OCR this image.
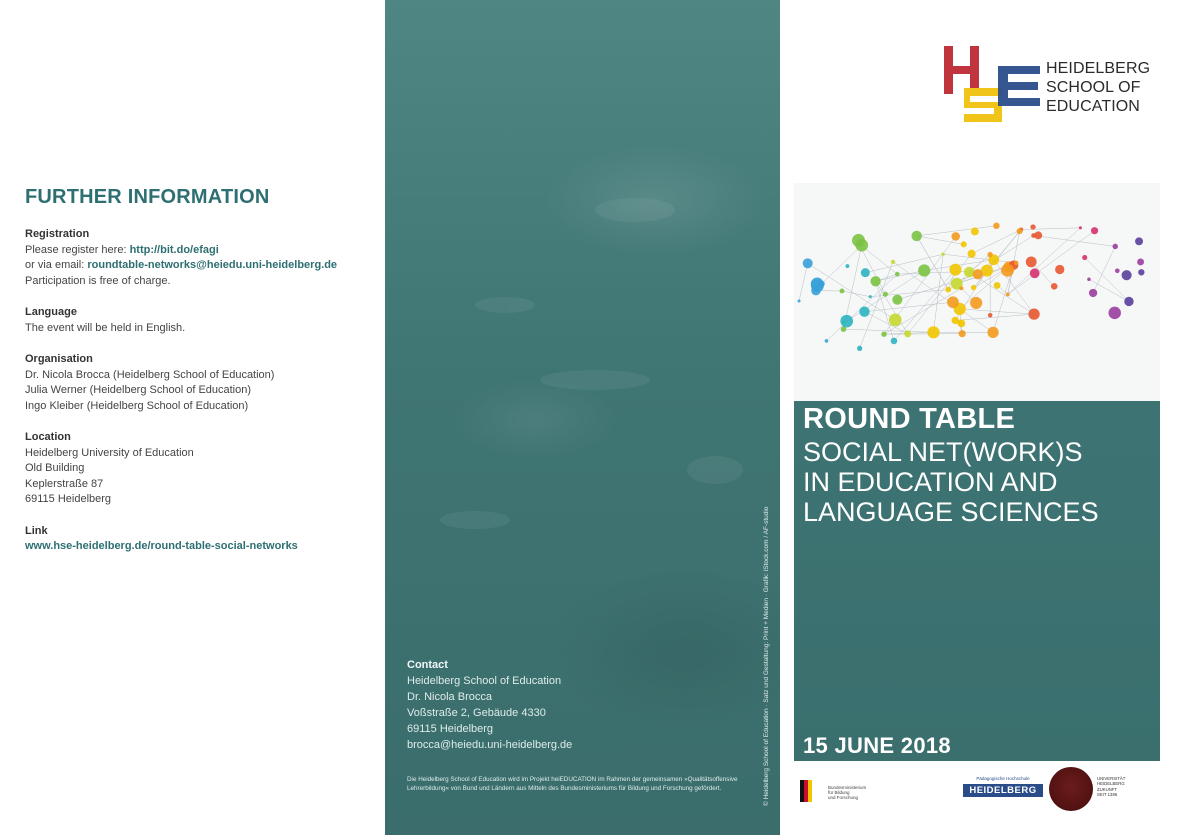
FURTHER INFORMATION
Registration
Please register here: http://bit.do/efagi
or via email: roundtable-networks@heiedu.uni-heidelberg.de
Participation is free of charge.
Language
The event will be held in English.
Organisation
Dr. Nicola Brocca (Heidelberg School of Education)
Julia Werner (Heidelberg School of Education)
Ingo Kleiber (Heidelberg School of Education)
Location
Heidelberg University of Education
Old Building
Keplerstraße 87
69115 Heidelberg
Link
www.hse-heidelberg.de/round-table-social-networks
Contact
Heidelberg School of Education
Dr. Nicola Brocca
Voßstraße 2, Gebäude 4330
69115 Heidelberg
brocca@heiedu.uni-heidelberg.de
Die Heidelberg School of Education wird im Projekt heiEDUCATION im Rahmen der gemeinsamen »Qualitätsoffensive Lehrerbildung« von Bund und Ländern aus Mitteln des Bundesministeriums für Bildung und Forschung gefördert.	© Heidelberg School of Education · Satz und Gestaltung: Print + Medien · Grafik: iStock.com / AF-studio
HEIDELBERG
SCHOOL OF
EDUCATION
ROUND TABLE
SOCIAL NET(WORK)S
IN EDUCATION AND
LANGUAGE SCIENCES
15 JUNE 2018
Bundesministerium
für Bildung
und Forschung
Pädagogische Hochschule
HEIDELBERG
UNIVERSITÄT
HEIDELBERG
ZUKUNFT
SEIT 1386
